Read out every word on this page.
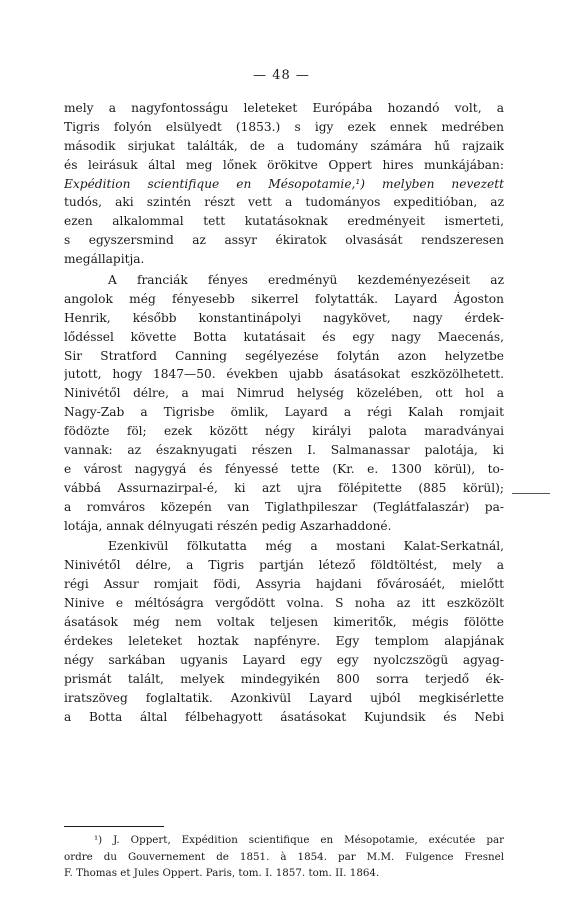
— 48 —
mely a nagyfontosságu leleteket Európába hozandó volt, a
Tigris folyón elsülyedt (1853.) s igy ezek ennek medrében
második sirjukat találták, de a tudomány számára hű rajzaik
és leirásuk által meg lőnek örökitve Oppert hires munkájában:
Expédition scientifique en Mésopotamie,¹) melyben nevezett
tudós, aki szintén részt vett a tudományos expeditióban, az
ezen alkalommal tett kutatásoknak eredményeit ismerteti,
s egyszersmind az assyr ékiratok olvasását rendszeresen
megállapitja.
A franciák fényes eredményü kezdeményezéseit az
angolok még fényesebb sikerrel folytatták. Layard Ágoston
Henrik, később konstantinápolyi nagykövet, nagy érdek-
lődéssel követte Botta kutatásait és egy nagy Maecenás,
Sir Stratford Canning segélyezése folytán azon helyzetbe
jutott, hogy 1847—50. években ujabb ásatásokat eszközölhetett.
Ninivétől délre, a mai Nimrud helység közelében, ott hol a
Nagy-Zab a Tigrisbe ömlik, Layard a régi Kalah romjait
födözte föl; ezek között négy királyi palota maradványai
vannak: az északnyugati részen I. Salmanassar palotája, ki
e várost nagygyá és fényessé tette (Kr. e. 1300 körül), to-
vábbá Assurnazirpal-é, ki azt ujra fölépitette (885 körül);
a romváros közepén van Tiglathpileszar (Teglátfalaszár) pa-
lotája, annak délnyugati részén pedig Aszarhaddoné.
Ezenkivül fölkutatta még a mostani Kalat-Serkatnál,
Ninivétől délre, a Tigris partján létező földtöltést, mely a
régi Assur romjait födi, Assyria hajdani fővárosáét, mielőtt
Ninive e méltóságra vergődött volna. S noha az itt eszközölt
ásatások még nem voltak teljesen kimeritők, mégis fölötte
érdekes leleteket hoztak napfényre. Egy templom alapjának
négy sarkában ugyanis Layard egy egy nyolczszögü agyag-
prismát talált, melyek mindegyikén 800 sorra terjedő ék-
iratszöveg foglaltatik. Azonkivül Layard ujból megkisérlette
a Botta által félbehagyott ásatásokat Kujundsik és Nebi
¹) J. Oppert, Expédition scientifique en Mésopotamie, exécutée par
ordre du Gouvernement de 1851. à 1854. par M.M. Fulgence Fresnel
F. Thomas et Jules Oppert. Paris, tom. I. 1857. tom. II. 1864.
